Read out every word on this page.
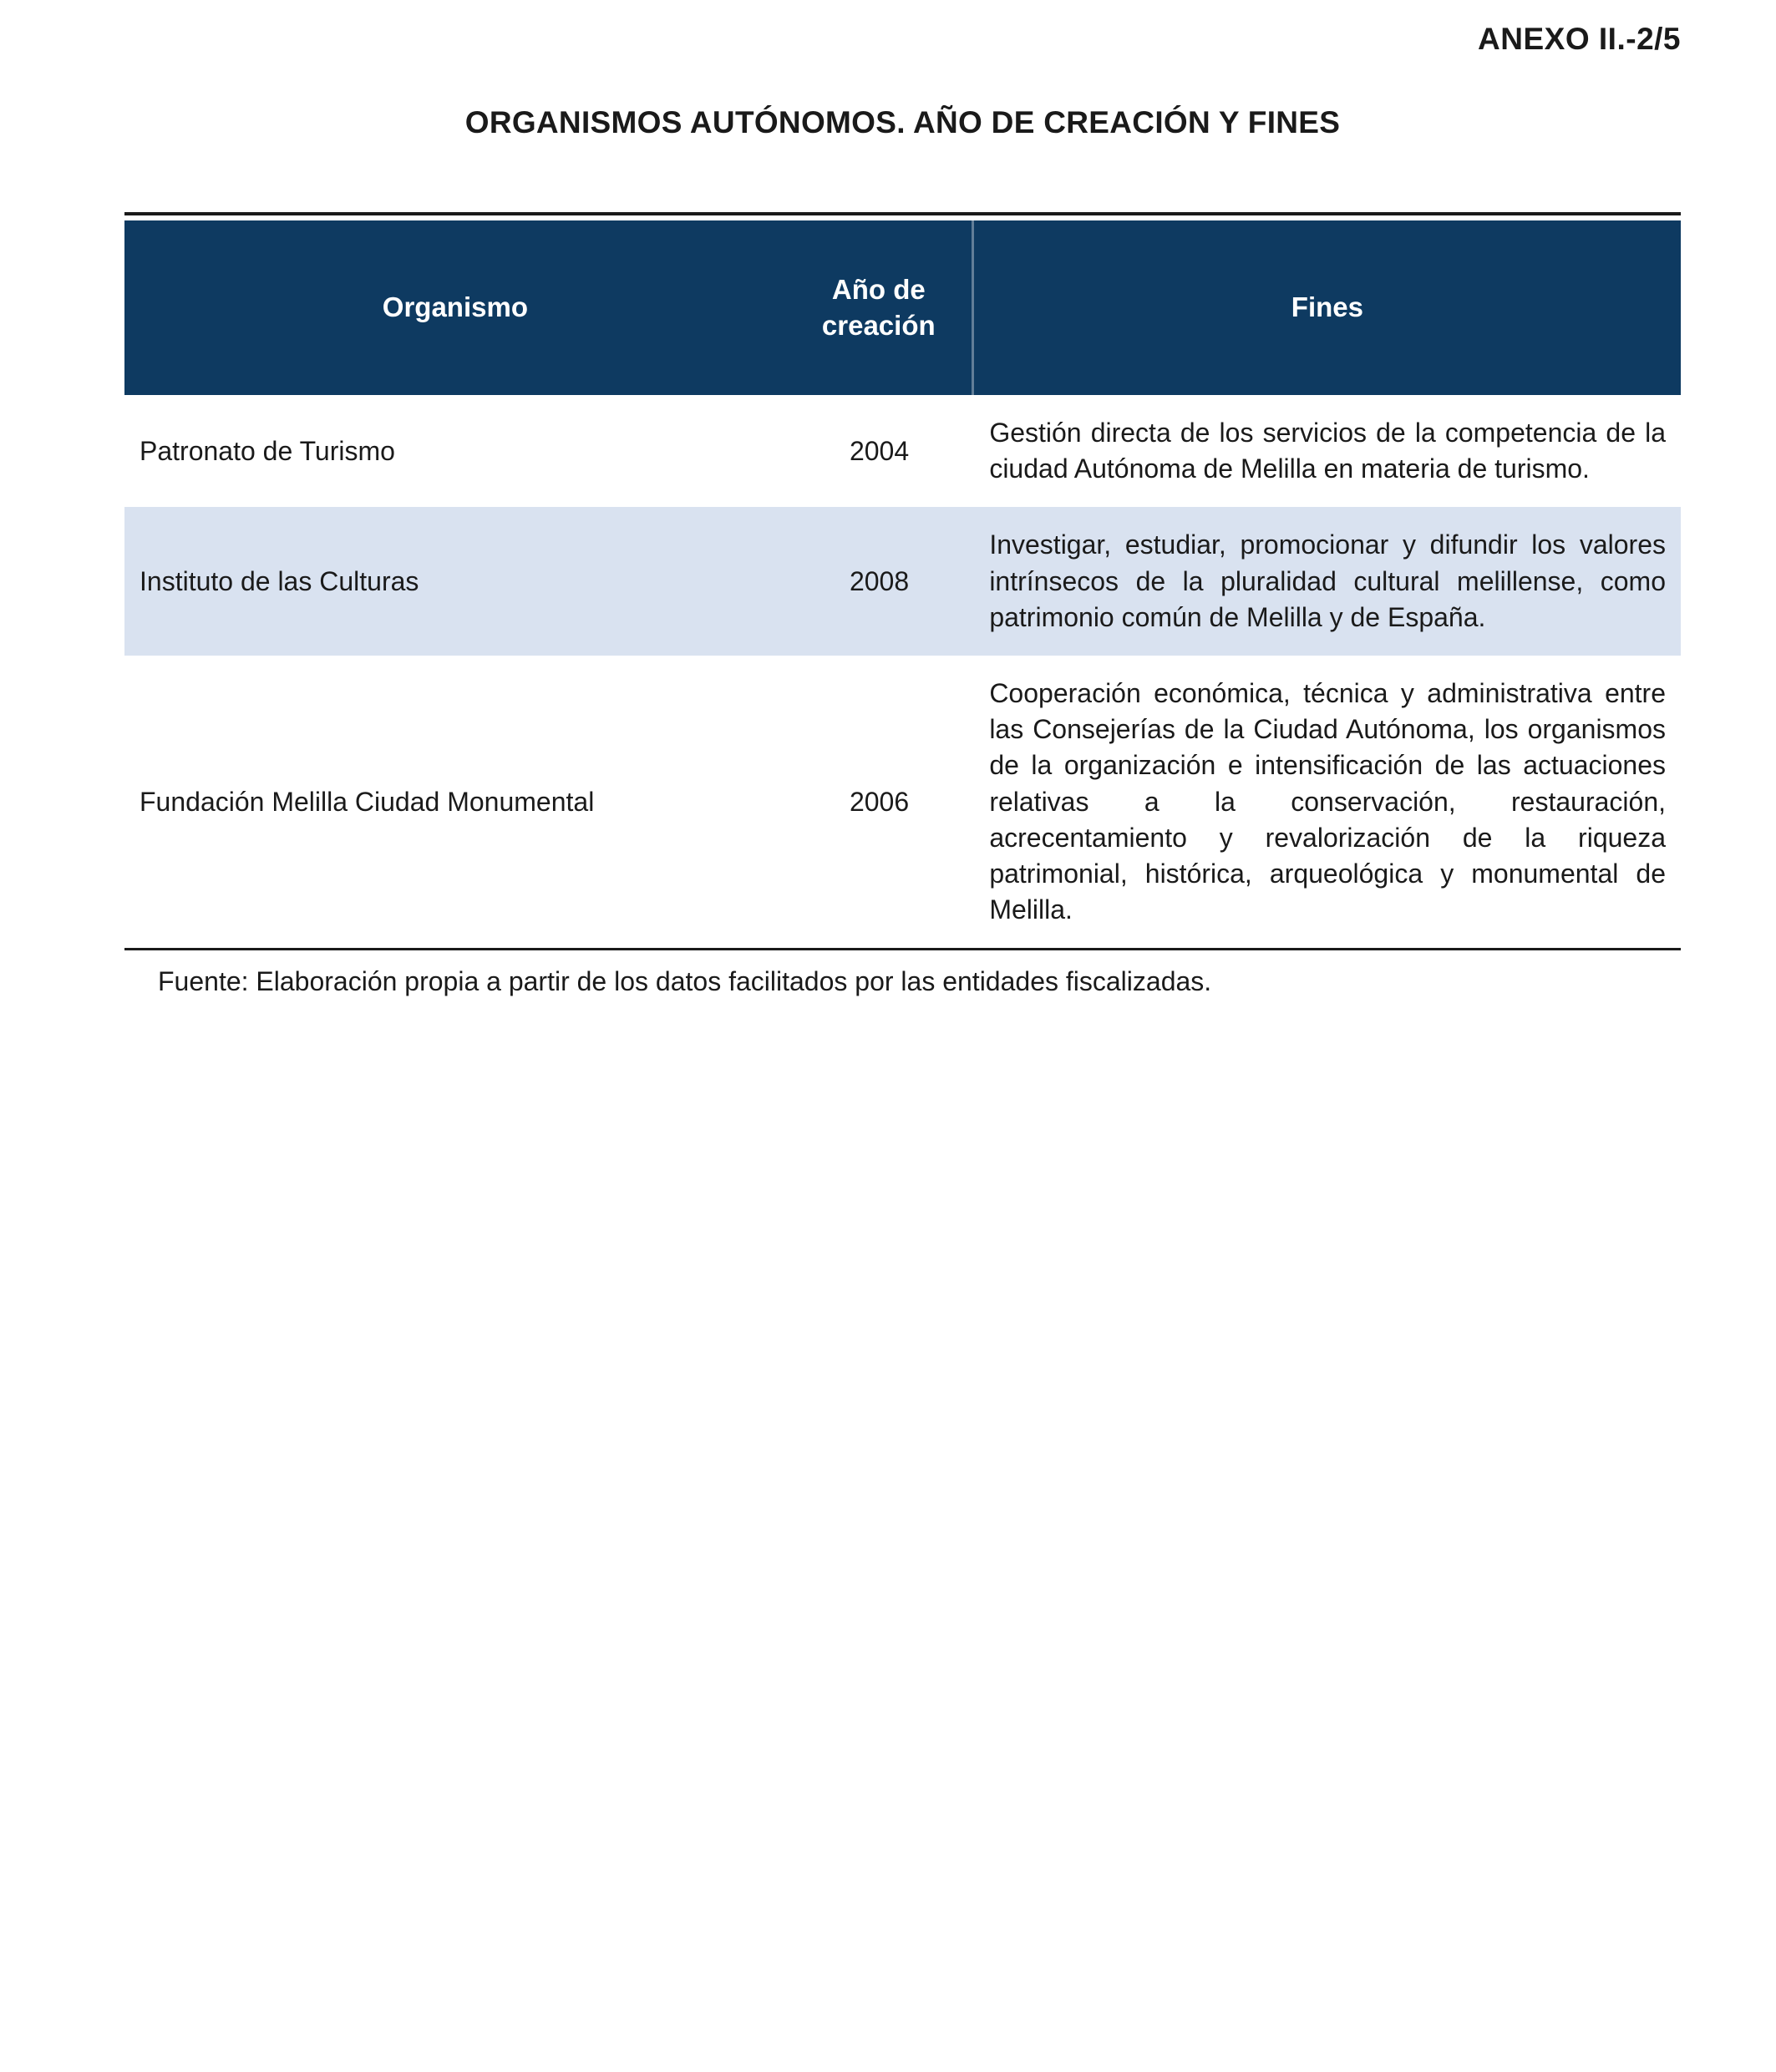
ANEXO II.-2/5
ORGANISMOS AUTÓNOMOS. AÑO DE CREACIÓN Y FINES
Organismo	Año de creación	Fines
Patronato de Turismo	2004	Gestión directa de los servicios de la competencia de la ciudad Autónoma de Melilla en materia de turismo.
Instituto de las Culturas	2008	Investigar, estudiar, promocionar y difundir los valores intrínsecos de la pluralidad cultural melillense, como patrimonio común de Melilla y de España.
Fundación Melilla Ciudad Monumental	2006	Cooperación económica, técnica y administrativa entre las Consejerías de la Ciudad Autónoma, los organismos de la organización e intensificación de las actuaciones relativas a la conservación, restauración, acrecentamiento y revalorización de la riqueza patrimonial, histórica, arqueológica y monumental de Melilla.

Fuente: Elaboración propia a partir de los datos facilitados por las entidades fiscalizadas.
